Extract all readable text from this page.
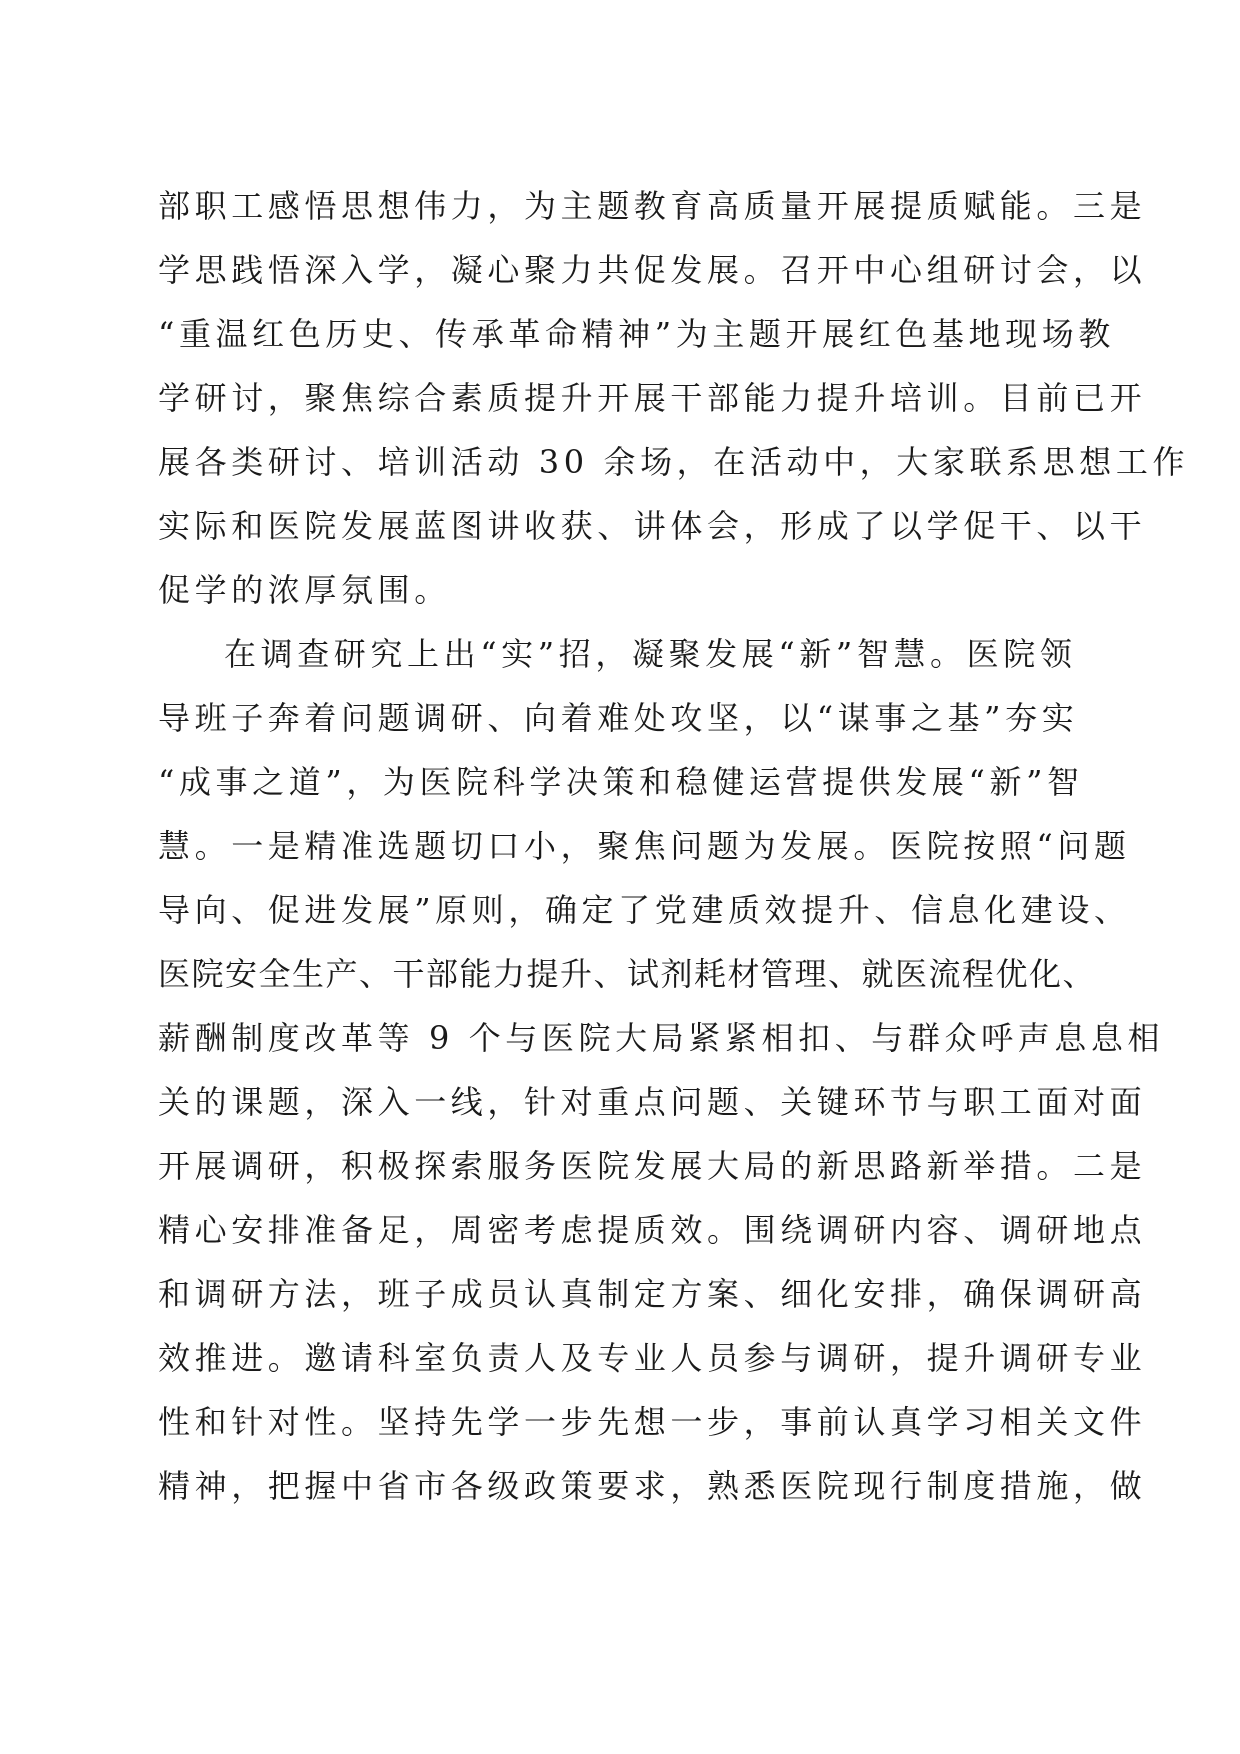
部职工感悟思想伟力，为主题教育高质量开展提质赋能。三是
学思践悟深入学，凝心聚力共促发展。召开中心组研讨会，以
“重温红色历史、传承革命精神”为主题开展红色基地现场教
学研讨，聚焦综合素质提升开展干部能力提升培训。目前已开
展各类研讨、培训活动 30 余场，在活动中，大家联系思想工作
实际和医院发展蓝图讲收获、讲体会，形成了以学促干、以干
促学的浓厚氛围。
在调查研究上出“实”招，凝聚发展“新”智慧。医院领
导班子奔着问题调研、向着难处攻坚，以“谋事之基”夯实
“成事之道”，为医院科学决策和稳健运营提供发展“新”智
慧。一是精准选题切口小，聚焦问题为发展。医院按照“问题
导向、促进发展”原则，确定了党建质效提升、信息化建设、
医院安全生产、干部能力提升、试剂耗材管理、就医流程优化、
薪酬制度改革等 9 个与医院大局紧紧相扣、与群众呼声息息相
关的课题，深入一线，针对重点问题、关键环节与职工面对面
开展调研，积极探索服务医院发展大局的新思路新举措。二是
精心安排准备足，周密考虑提质效。围绕调研内容、调研地点
和调研方法，班子成员认真制定方案、细化安排，确保调研高
效推进。邀请科室负责人及专业人员参与调研，提升调研专业
性和针对性。坚持先学一步先想一步，事前认真学习相关文件
精神，把握中省市各级政策要求，熟悉医院现行制度措施，做
